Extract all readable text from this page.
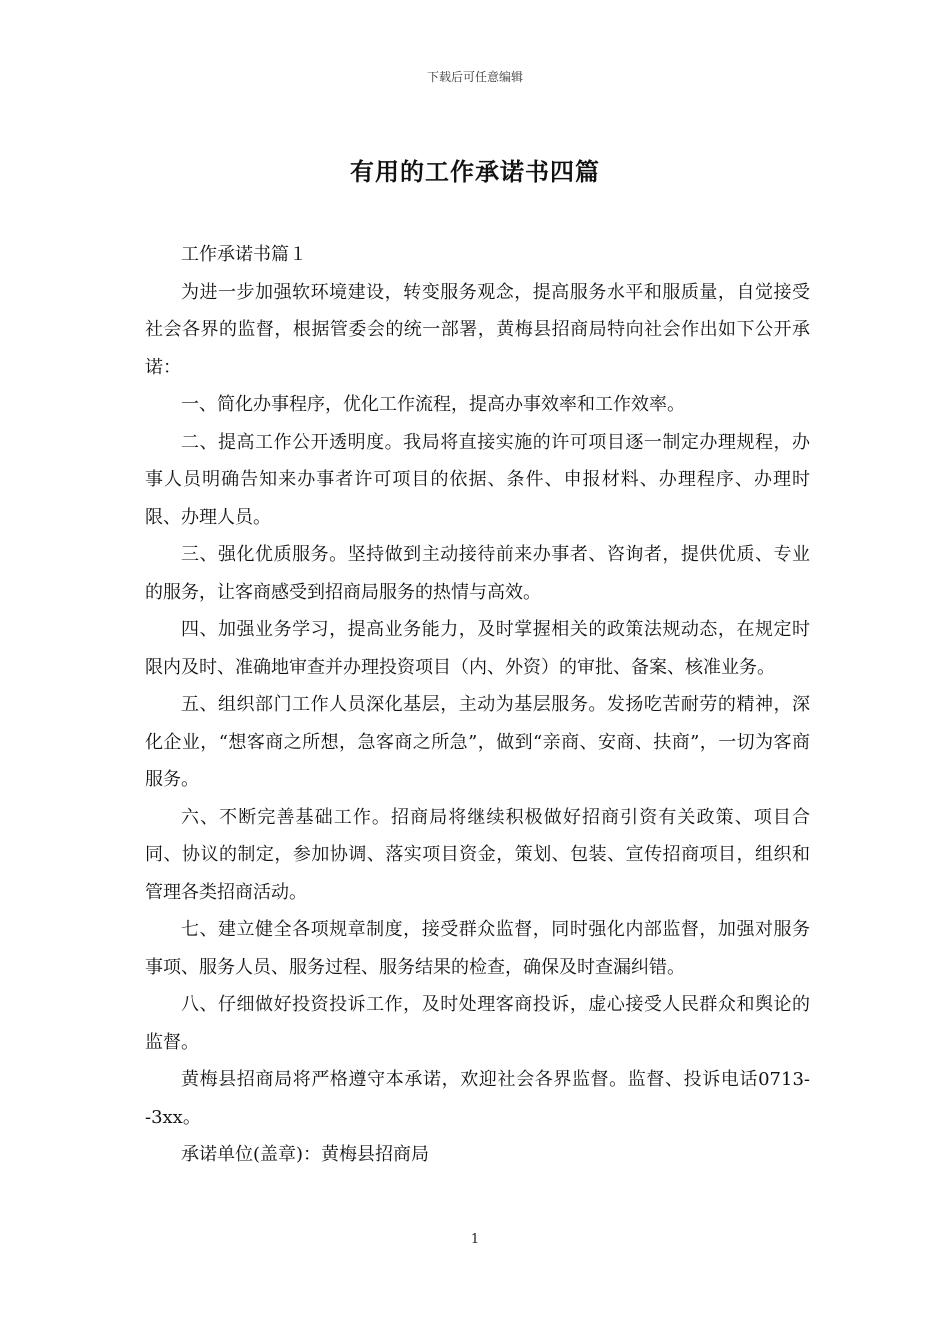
下载后可任意编辑
有用的工作承诺书四篇

工作承诺书篇１

为进一步加强软环境建设，转变服务观念，提高服务水平和服质量，自觉接受社会各界的监督，根据管委会的统一部署，黄梅县招商局特向社会作出如下公开承诺：

一、简化办事程序，优化工作流程，提高办事效率和工作效率。

二、提高工作公开透明度。我局将直接实施的许可项目逐一制定办理规程，办事人员明确告知来办事者许可项目的依据、条件、申报材料、办理程序、办理时限、办理人员。

三、强化优质服务。坚持做到主动接待前来办事者、咨询者，提供优质、专业的服务，让客商感受到招商局服务的热情与高效。

四、加强业务学习，提高业务能力，及时掌握相关的政策法规动态，在规定时限内及时、准确地审查并办理投资项目（内、外资）的审批、备案、核准业务。

五、组织部门工作人员深化基层，主动为基层服务。发扬吃苦耐劳的精神，深化企业，“想客商之所想，急客商之所急”，做到“亲商、安商、扶商”，一切为客商服务。

六、不断完善基础工作。招商局将继续积极做好招商引资有关政策、项目合同、协议的制定，参加协调、落实项目资金，策划、包装、宣传招商项目，组织和管理各类招商活动。

七、建立健全各项规章制度，接受群众监督，同时强化内部监督，加强对服务事项、服务人员、服务过程、服务结果的检查，确保及时查漏纠错。

八、仔细做好投资投诉工作，及时处理客商投诉，虚心接受人民群众和舆论的监督。

黄梅县招商局将严格遵守本承诺，欢迎社会各界监督。监督、投诉电话0713--3xx。

承诺单位(盖章)：黄梅县招商局

1
